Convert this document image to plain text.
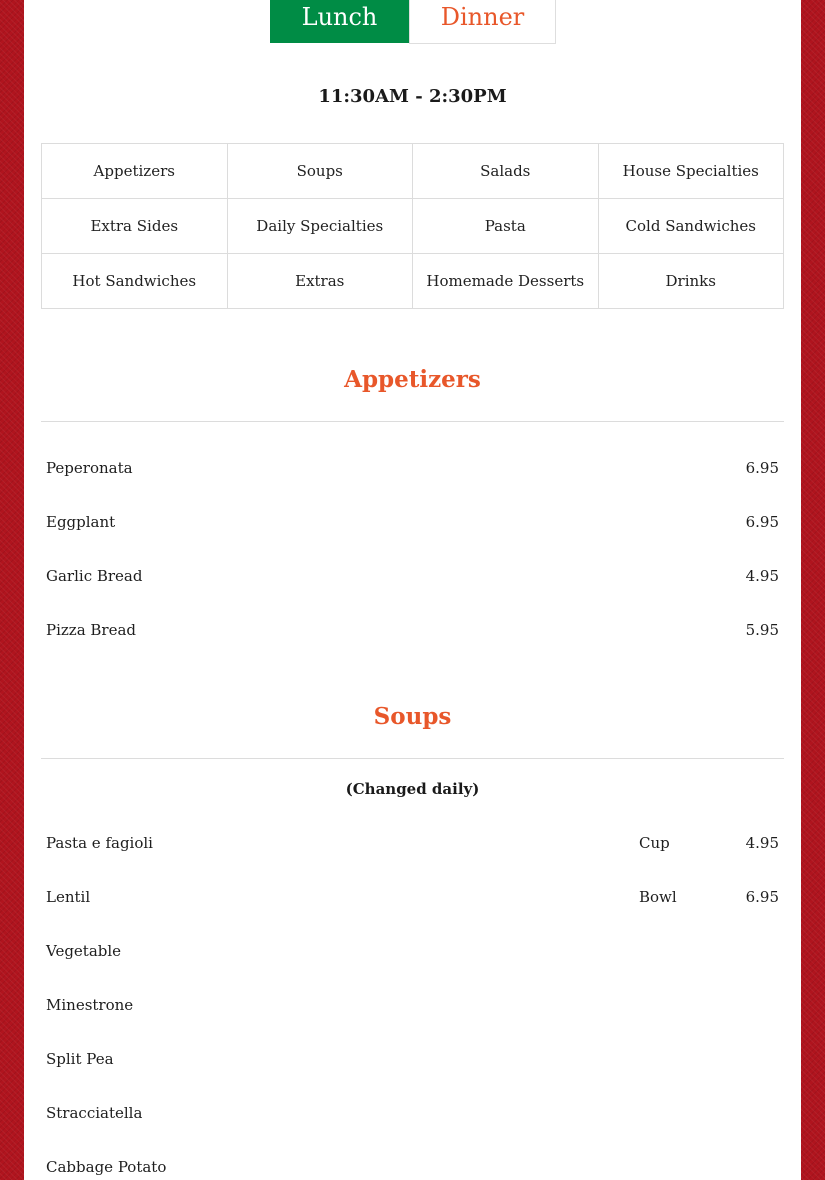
Lunch	Dinner
11:30AM - 2:30PM
Appetizers	Soups	Salads	House Specialties
Extra Sides	Daily Specialties	Pasta	Cold Sandwiches
Hot Sandwiches	Extras	Homemade Desserts	Drinks
Appetizers
Peperonata	6.95
Eggplant	6.95
Garlic Bread	4.95
Pizza Bread	5.95
Soups
(Changed daily)
Pasta e fagioli	Cup	4.95
Lentil	Bowl	6.95
Vegetable
Minestrone
Split Pea
Stracciatella
Cabbage Potato
